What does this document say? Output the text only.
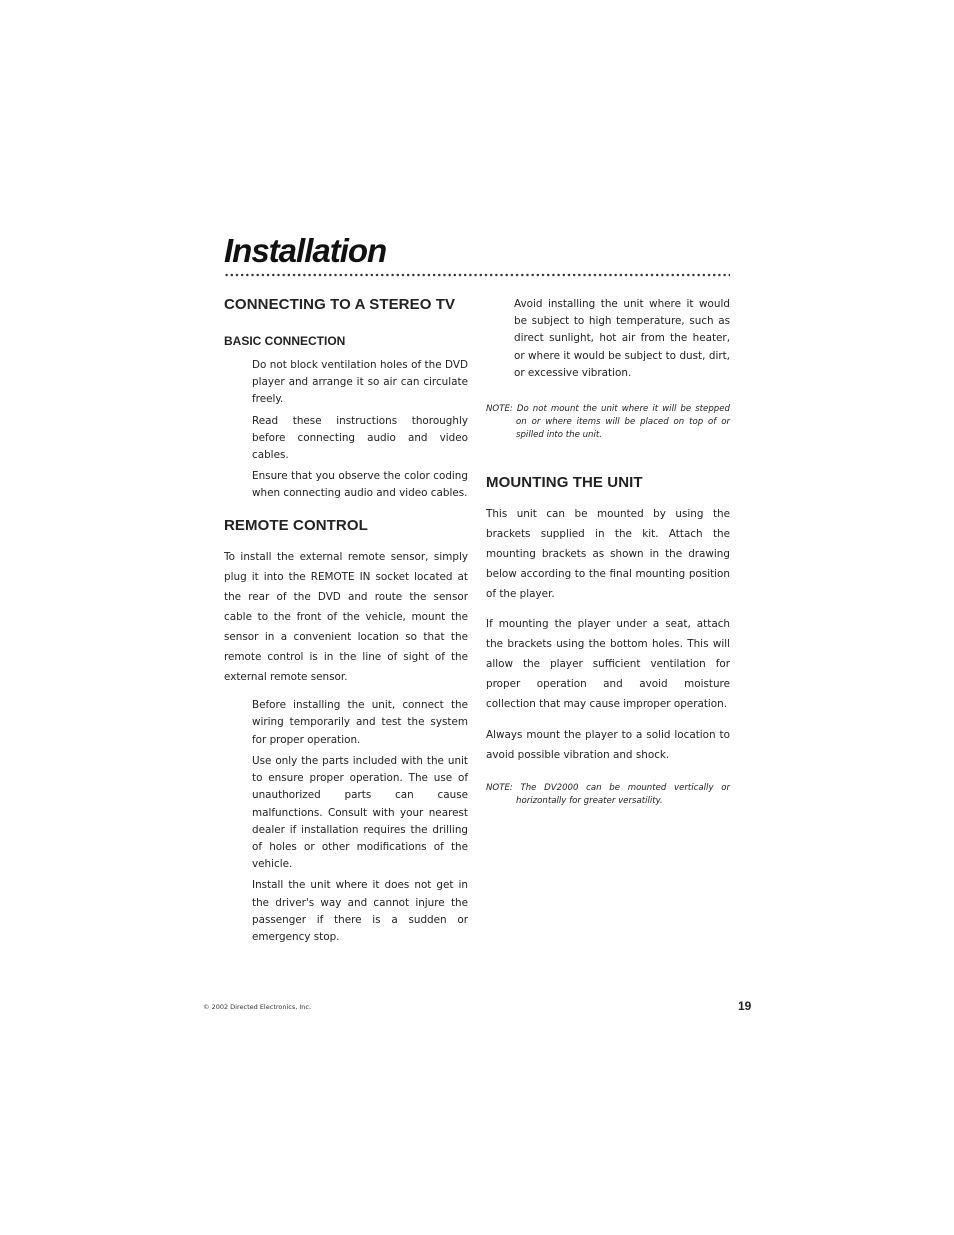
Installation
CONNECTING TO A STEREO TV
BASIC CONNECTION

Do not block ventilation holes of the DVD player and arrange it so air can circulate freely.

Read these instructions thoroughly before connecting audio and video cables.

Ensure that you observe the color coding when connecting audio and video cables.

REMOTE CONTROL

To install the external remote sensor, simply plug it into the REMOTE IN socket located at the rear of the DVD and route the sensor cable to the front of the vehicle, mount the sensor in a convenient location so that the remote control is in the line of sight of the external remote sensor.

Before installing the unit, connect the wiring temporarily and test the system for proper operation.

Use only the parts included with the unit to ensure proper operation. The use of unauthorized parts can cause malfunctions. Consult with your nearest dealer if installation requires the drilling of holes or other modifications of the vehicle.

Install the unit where it does not get in the driver's way and cannot injure the passenger if there is a sudden or emergency stop.

Avoid installing the unit where it would be subject to high temperature, such as direct sunlight, hot air from the heater, or where it would be subject to dust, dirt, or excessive vibration.

NOTE: Do not mount the unit where it will be stepped on or where items will be placed on top of or spilled into the unit.

MOUNTING THE UNIT

This unit can be mounted by using the brackets supplied in the kit. Attach the mounting brackets as shown in the drawing below according to the final mounting position of the player.

If mounting the player under a seat, attach the brackets using the bottom holes. This will allow the player sufficient ventilation for proper operation and avoid moisture collection that may cause improper operation.

Always mount the player to a solid location to avoid possible vibration and shock.

NOTE: The DV2000 can be mounted vertically or horizontally for greater versatility.

© 2002 Directed Electronics, Inc.	19
